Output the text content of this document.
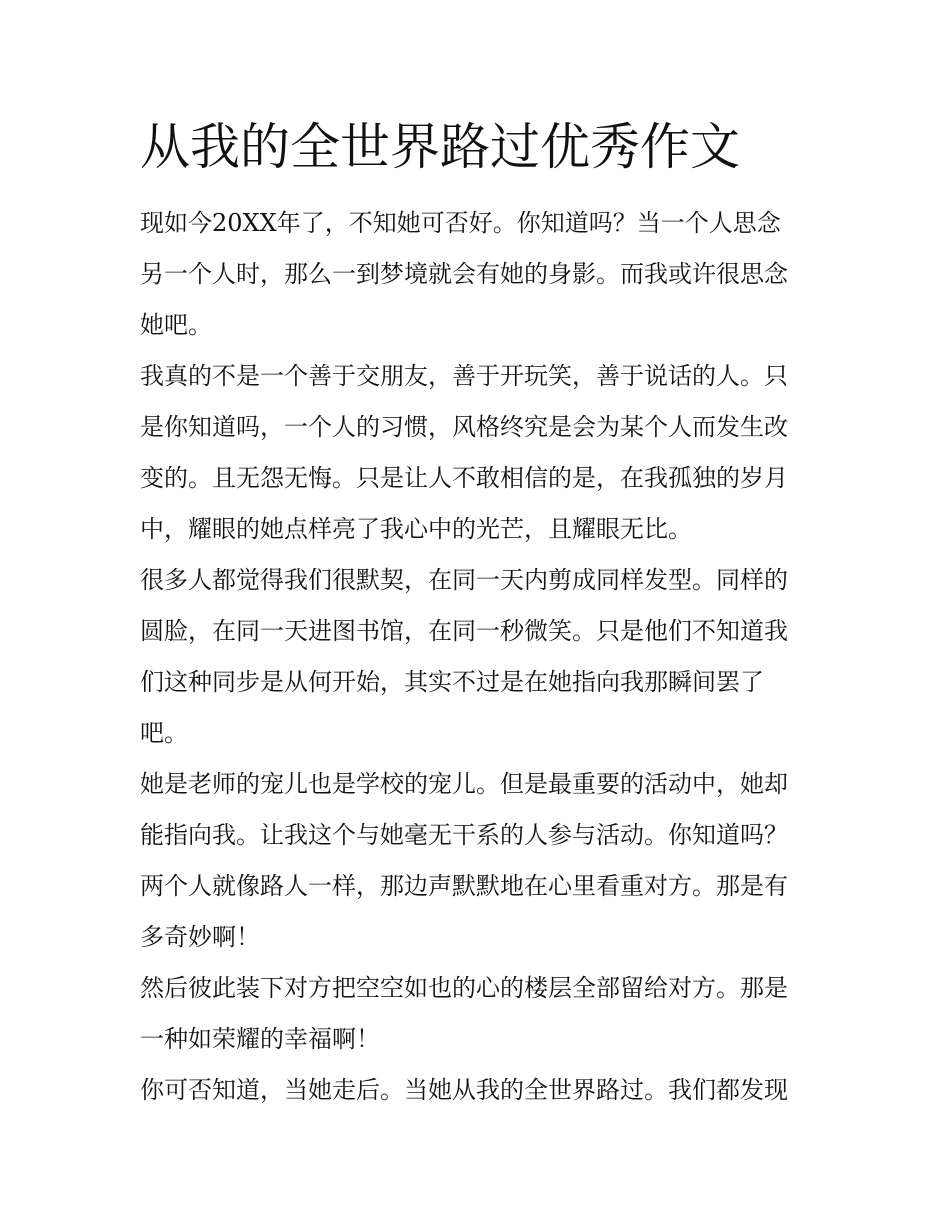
从我的全世界路过优秀作文
现如今20XX年了，不知她可否好。你知道吗？当一个人思念
另一个人时，那么一到梦境就会有她的身影。而我或许很思念
她吧。
我真的不是一个善于交朋友，善于开玩笑，善于说话的人。只
是你知道吗，一个人的习惯，风格终究是会为某个人而发生改
变的。且无怨无悔。只是让人不敢相信的是，在我孤独的岁月
中，耀眼的她点样亮了我心中的光芒，且耀眼无比。
很多人都觉得我们很默契，在同一天内剪成同样发型。同样的
圆脸，在同一天进图书馆，在同一秒微笑。只是他们不知道我
们这种同步是从何开始，其实不过是在她指向我那瞬间罢了
吧。
她是老师的宠儿也是学校的宠儿。但是最重要的活动中，她却
能指向我。让我这个与她毫无干系的人参与活动。你知道吗？
两个人就像路人一样，那边声默默地在心里看重对方。那是有
多奇妙啊！
然后彼此装下对方把空空如也的心的楼层全部留给对方。那是
一种如荣耀的幸福啊！
你可否知道，当她走后。当她从我的全世界路过。我们都发现
